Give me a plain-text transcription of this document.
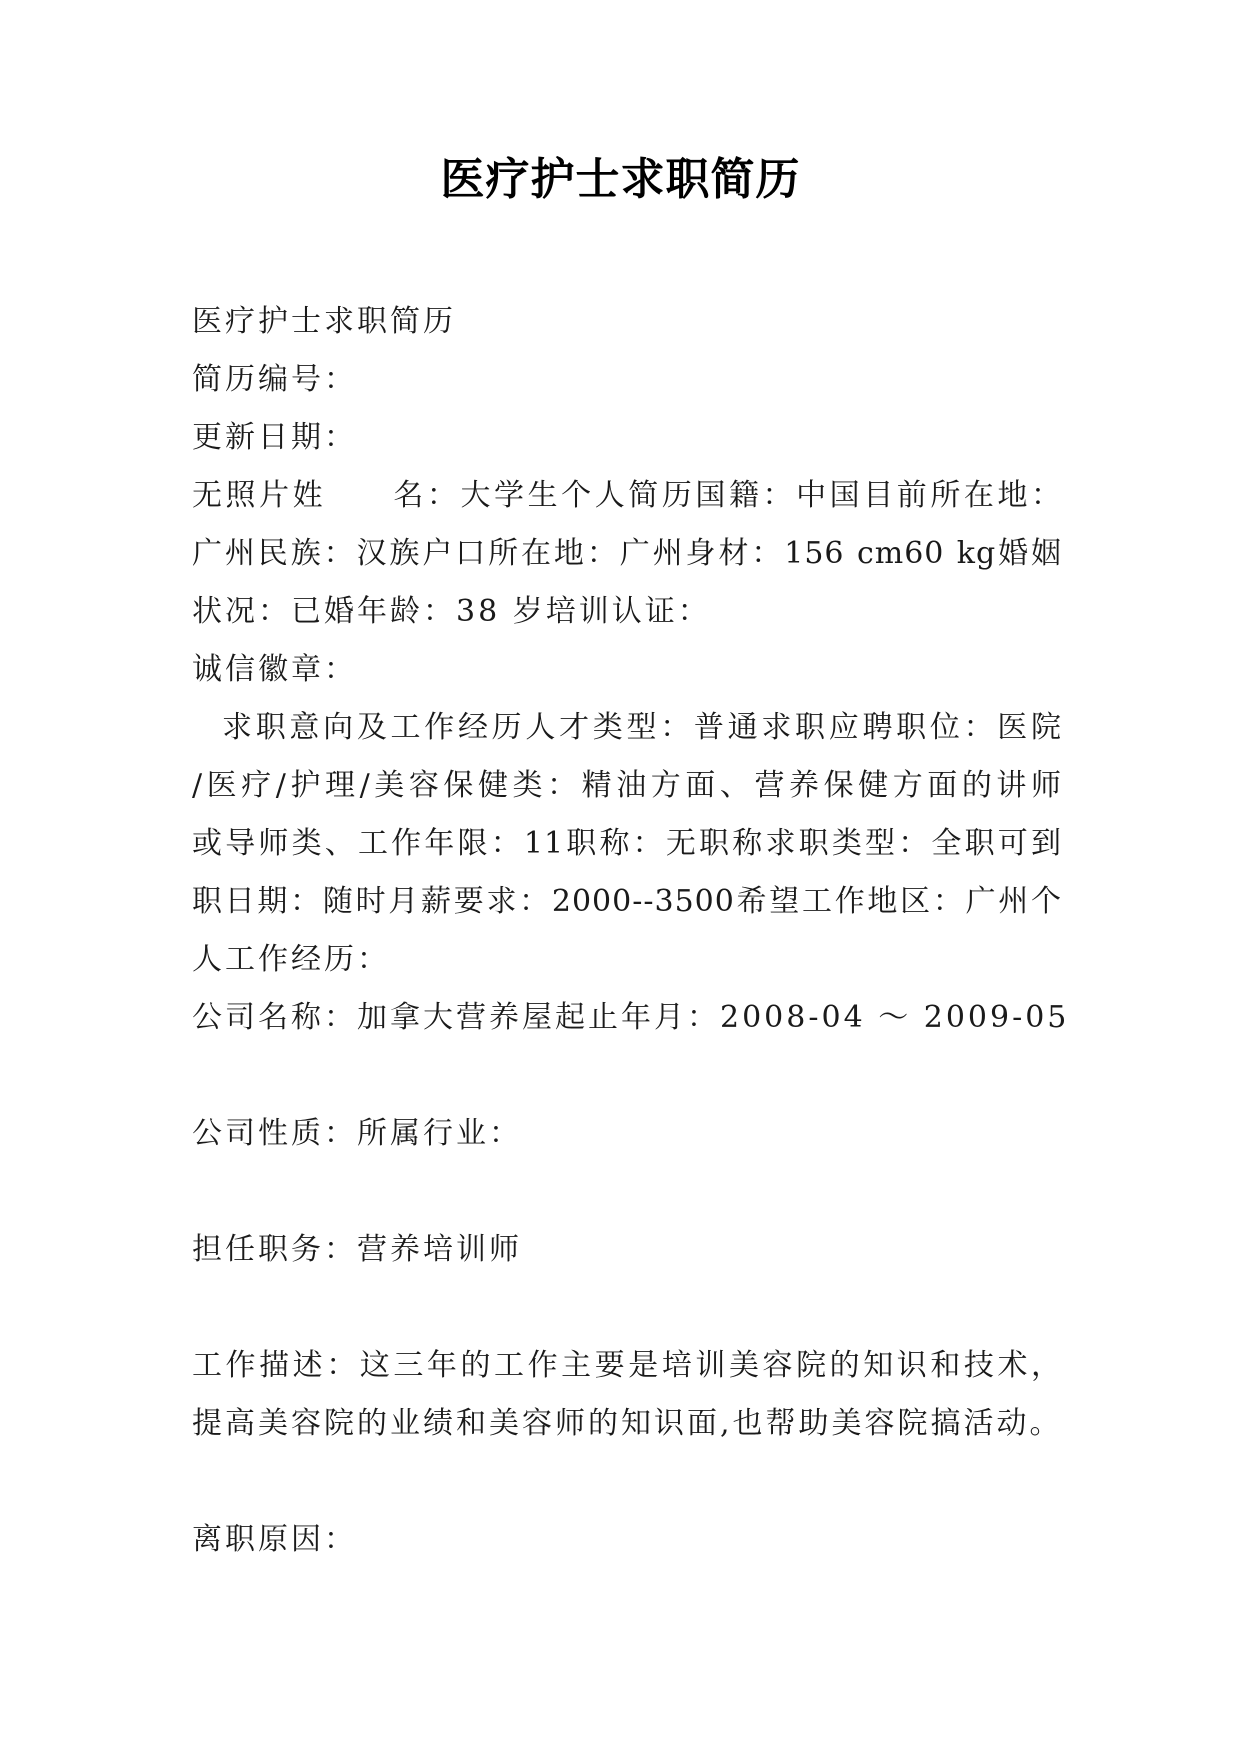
医疗护士求职简历
医疗护士求职简历
简历编号：
更新日期：
无照片姓　　名：大学生个人简历国籍：中国目前所在地：
广州民族：汉族户口所在地：广州身材：156 cm60 kg婚姻
状况：已婚年龄：38 岁培训认证：
诚信徽章：
求职意向及工作经历人才类型：普通求职应聘职位：医院
/医疗/护理/美容保健类：精油方面、营养保健方面的讲师
或导师类、工作年限：11职称：无职称求职类型：全职可到
职日期：随时月薪要求：2000--3500希望工作地区：广州个
人工作经历：
公司名称：加拿大营养屋起止年月：2008-04 ～ 2009-05
公司性质：所属行业：
担任职务：营养培训师
工作描述：这三年的工作主要是培训美容院的知识和技术，
提高美容院的业绩和美容师的知识面,也帮助美容院搞活动。
离职原因：
